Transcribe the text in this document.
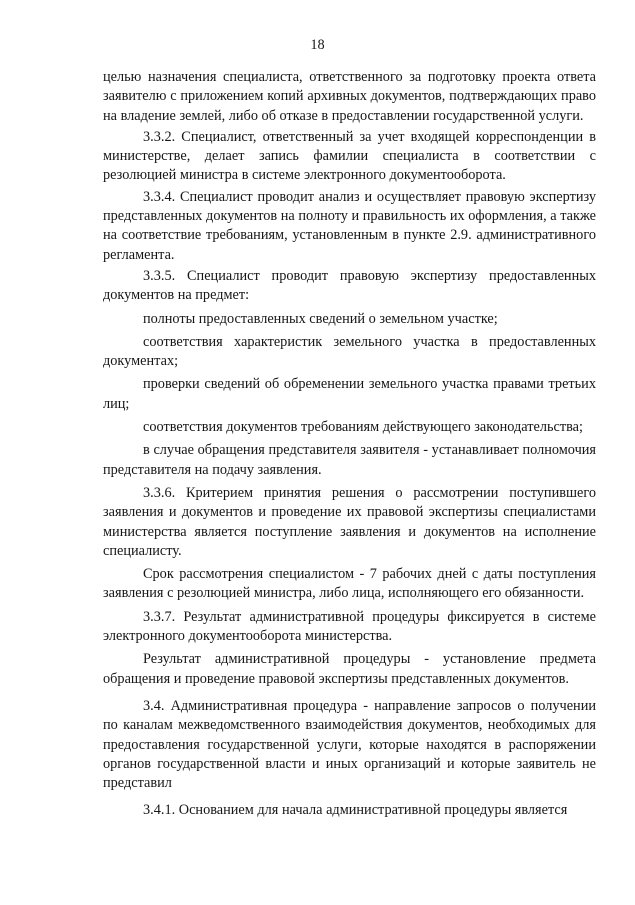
18

целью назначения специалиста, ответственного за подготовку проекта ответа заявителю с приложением копий архивных документов, подтверждающих право на владение землей, либо об отказе в предоставлении государственной услуги.

3.3.2. Специалист, ответственный за учет входящей корреспонденции в министерстве, делает запись фамилии специалиста в соответствии с резолюцией министра в системе электронного документооборота.

3.3.4. Специалист проводит анализ и осуществляет правовую экспертизу представленных документов на полноту и правильность их оформления, а также на соответствие требованиям, установленным в пункте 2.9. административного регламента.

3.3.5. Специалист проводит правовую экспертизу предоставленных документов на предмет:

полноты предоставленных сведений о земельном участке;

соответствия характеристик земельного участка в предоставленных документах;

проверки сведений об обременении земельного участка правами третьих лиц;

соответствия документов требованиям действующего законодательства;

в случае обращения представителя заявителя - устанавливает полномочия представителя на подачу заявления.

3.3.6. Критерием принятия решения о рассмотрении поступившего заявления и документов и проведение их правовой экспертизы специалистами министерства является поступление заявления и документов на исполнение специалисту.

Срок рассмотрения специалистом - 7 рабочих дней с даты поступления заявления с резолюцией министра, либо лица, исполняющего его обязанности.

3.3.7. Результат административной процедуры фиксируется в системе электронного документооборота министерства.

Результат административной процедуры - установление предмета обращения и проведение правовой экспертизы представленных документов.

3.4. Административная процедура - направление запросов о получении по каналам межведомственного взаимодействия документов, необходимых для предоставления государственной услуги, которые находятся в распоряжении органов государственной власти и иных организаций и которые заявитель не представил

3.4.1. Основанием для начала административной процедуры является
